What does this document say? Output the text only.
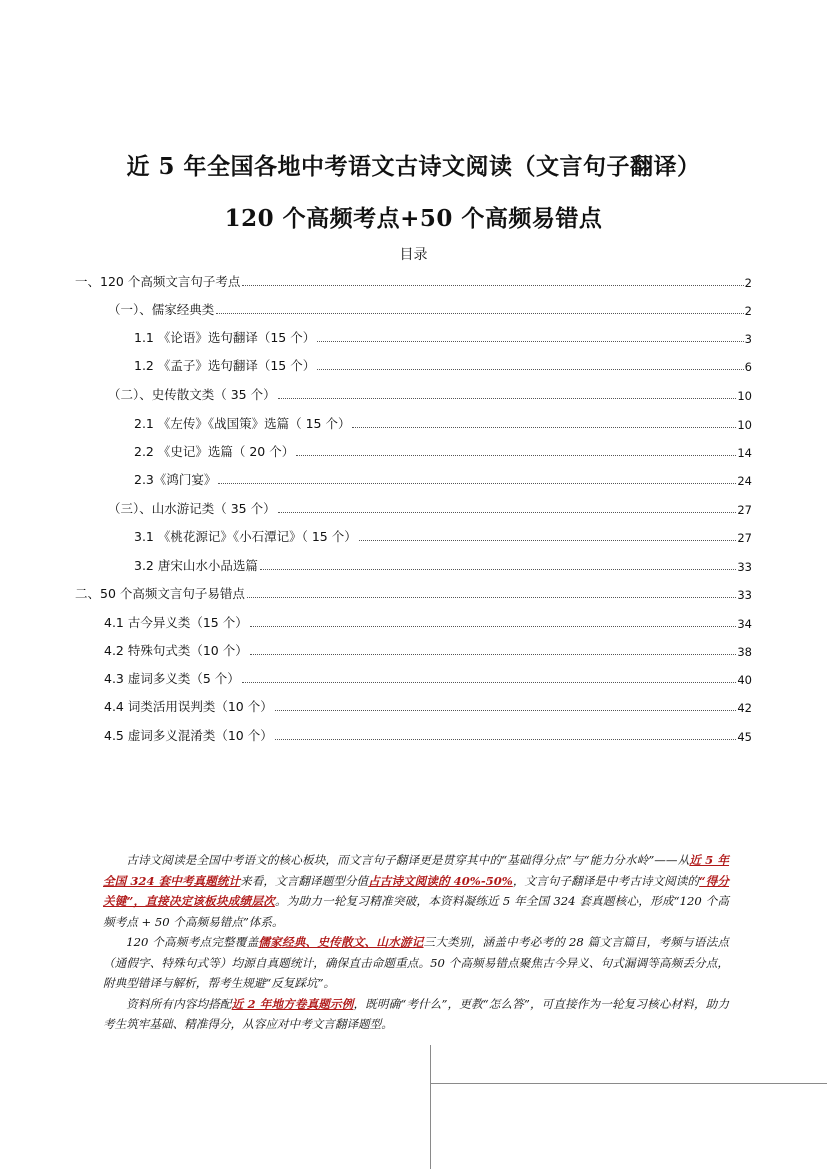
近 5 年全国各地中考语文古诗文阅读（文言句子翻译）
120 个高频考点+50 个高频易错点
目录
一、120 个高频文言句子考点	2
（一）、儒家经典类	2
1.1 《论语》选句翻译（15 个）	3
1.2 《孟子》选句翻译（15 个）	6
（二）、史传散文类（ 35 个）	10
2.1 《左传》《战国策》选篇（ 15 个）	10
2.2 《史记》选篇（ 20 个）	14
2.3《鸿门宴》	24
（三）、山水游记类（ 35 个）	27
3.1 《桃花源记》《小石潭记》（ 15 个）	27
3.2 唐宋山水小品选篇	33
二、50 个高频文言句子易错点	33
4.1 古今异义类（15 个）	34
4.2 特殊句式类（10 个）	38
4.3 虚词多义类（5 个）	40
4.4 词类活用误判类（10 个）	42
4.5 虚词多义混淆类（10 个）	45

古诗文阅读是全国中考语文的核心板块，而文言句子翻译更是贯穿其中的“基础得分点”与“能力分水岭”——从近 5 年全国 324 套中考真题统计来看，文言翻译题型分值占古诗文阅读的 40%-50%，文言句子翻译是中考古诗文阅读的“得分关键”，直接决定该板块成绩层次。为助力一轮复习精准突破，本资料凝练近 5 年全国 324 套真题核心，形成“120 个高频考点 + 50 个高频易错点”体系。

120 个高频考点完整覆盖儒家经典、史传散文、山水游记三大类别，涵盖中考必考的 28 篇文言篇目，考频与语法点（通假字、特殊句式等）均源自真题统计，确保直击命题重点。50 个高频易错点聚焦古今异义、句式漏调等高频丢分点，附典型错译与解析，帮考生规避“反复踩坑”。

资料所有内容均搭配近 2 年地方卷真题示例，既明确“考什么”，更教“怎么答”，可直接作为一轮复习核心材料，助力考生筑牢基础、精准得分，从容应对中考文言翻译题型。
